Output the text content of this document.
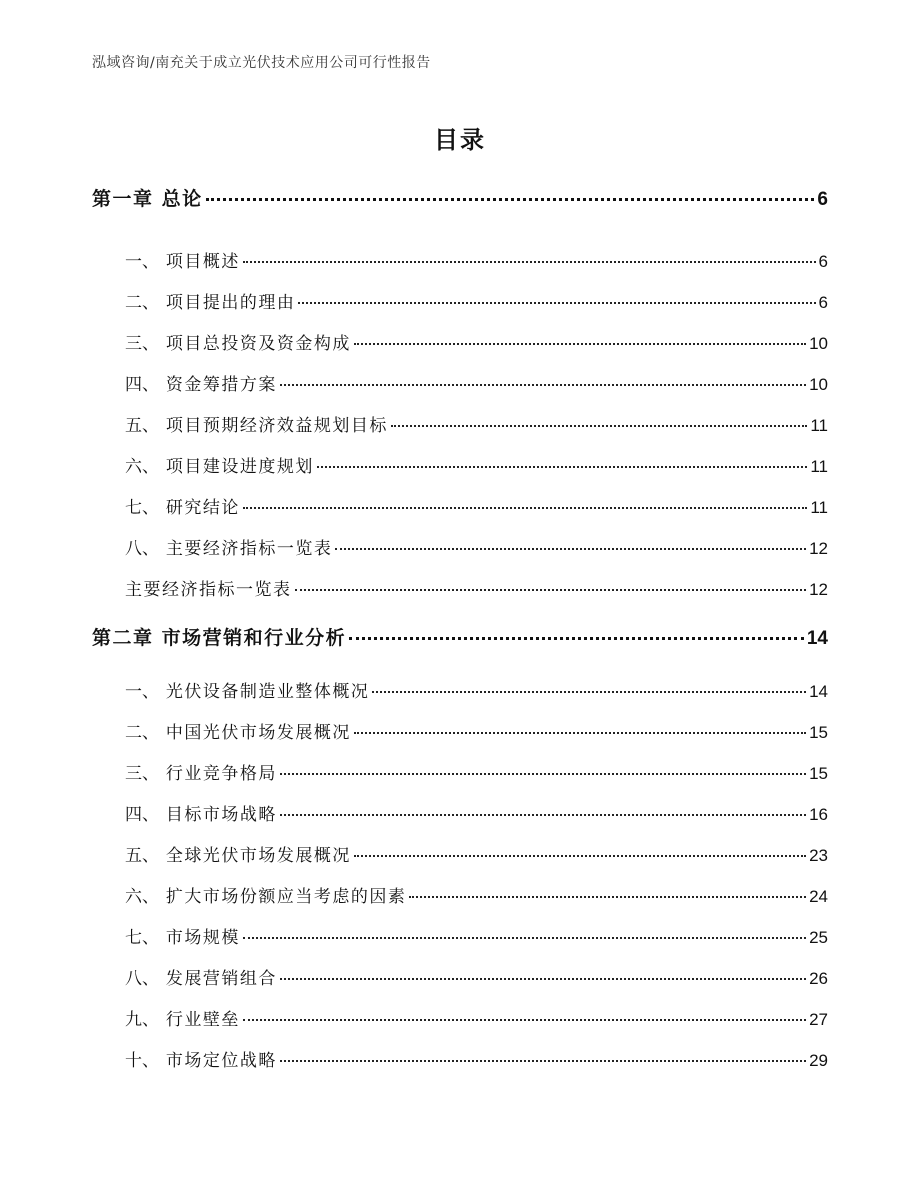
泓域咨询/南充关于成立光伏技术应用公司可行性报告
目录
第一章 总论	6
一、 项目概述	6
二、 项目提出的理由	6
三、 项目总投资及资金构成	10
四、 资金筹措方案	10
五、 项目预期经济效益规划目标	11
六、 项目建设进度规划	11
七、 研究结论	11
八、 主要经济指标一览表	12
主要经济指标一览表	12
第二章 市场营销和行业分析	14
一、 光伏设备制造业整体概况	14
二、 中国光伏市场发展概况	15
三、 行业竞争格局	15
四、 目标市场战略	16
五、 全球光伏市场发展概况	23
六、 扩大市场份额应当考虑的因素	24
七、 市场规模	25
八、 发展营销组合	26
九、 行业壁垒	27
十、 市场定位战略	29
